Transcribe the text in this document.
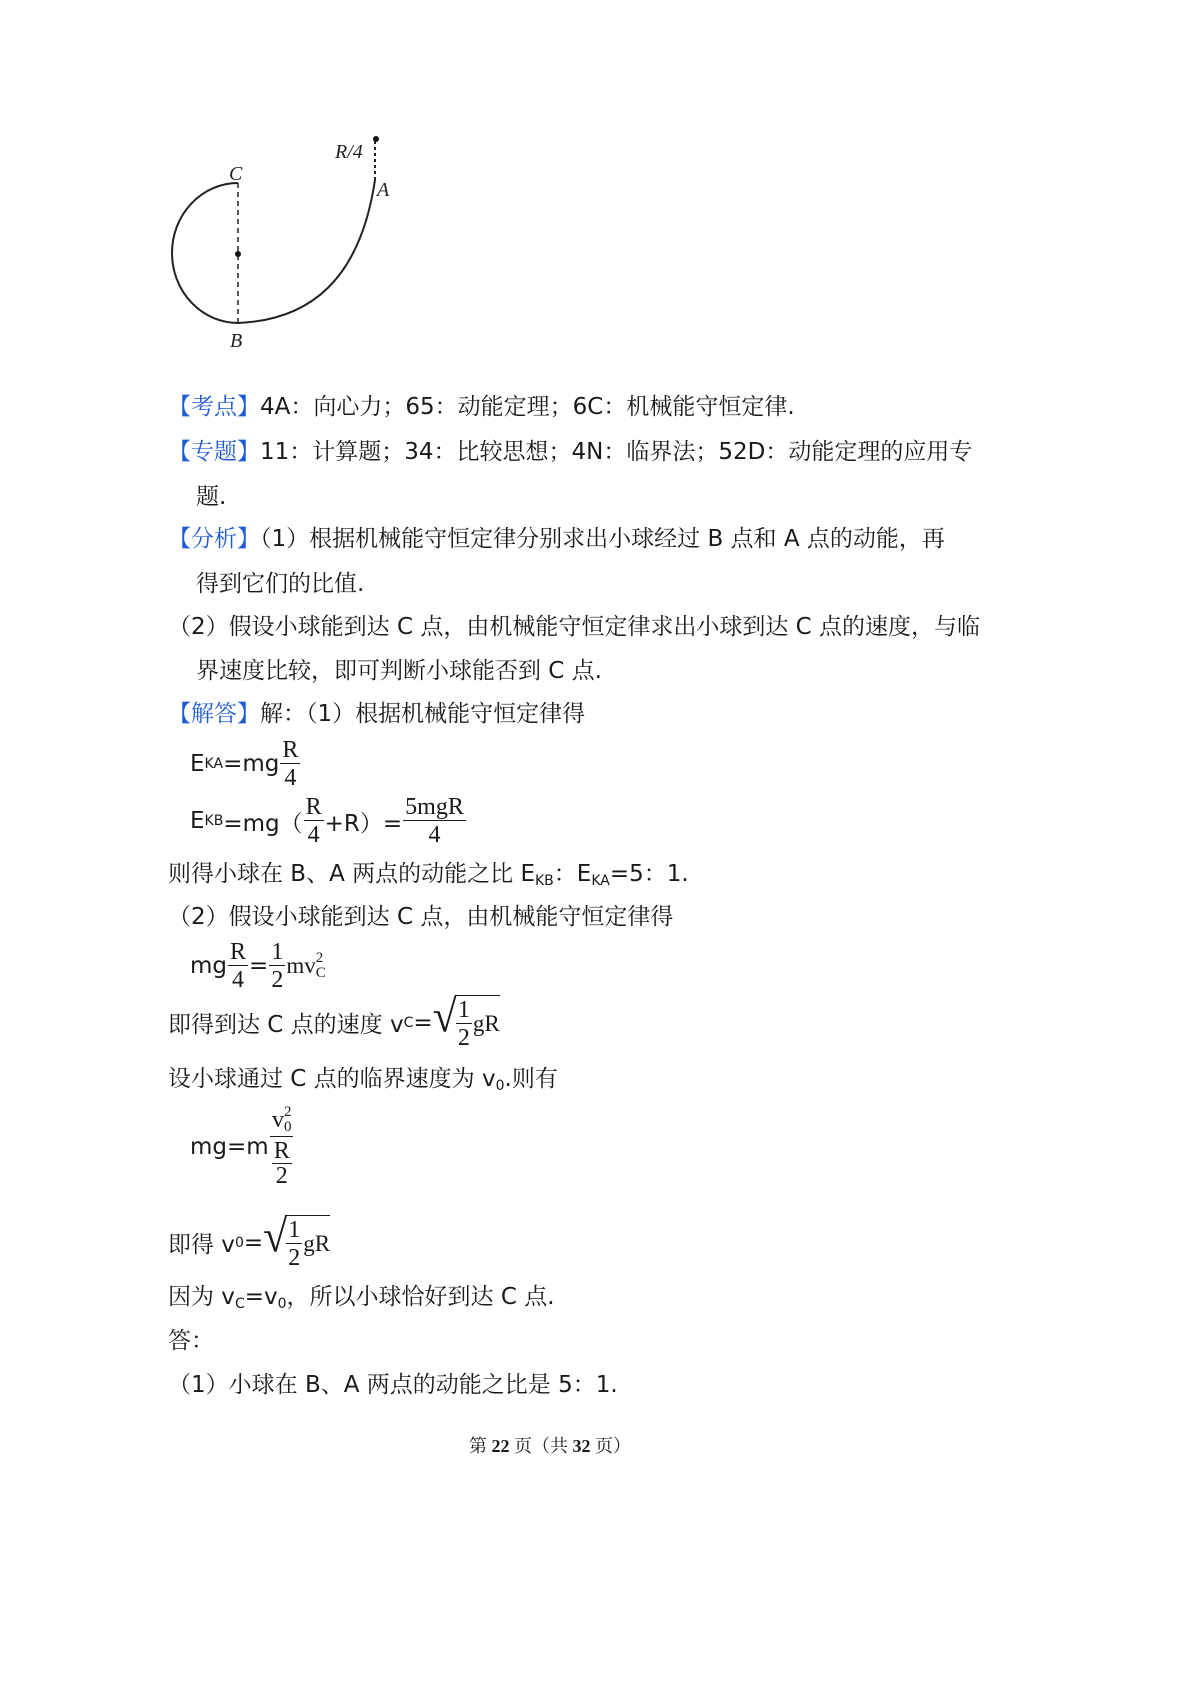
R/4
A
C
B
【考点】4A：向心力；65：动能定理；6C：机械能守恒定律.
【专题】11：计算题；34：比较思想；4N：临界法；52D：动能定理的应用专
题.
【分析】（1）根据机械能守恒定律分别求出小球经过 B 点和 A 点的动能，再
得到它们的比值.
（2）假设小球能到达 C 点，由机械能守恒定律求出小球到达 C 点的速度，与临
界速度比较，即可判断小球能否到 C 点.
【解答】解：（1）根据机械能守恒定律得
E KA $=mg \frac{R}{4}$
E KB $=mg( \frac{R}{4} +R)= \frac{\text{5mgR}}{4}$
则得小球在 B、A 两点的动能之比 $E_{KB}$：$E_{KA}=5$：1.
（2）假设小球能到达 C 点，由机械能守恒定律得
mg $\frac{R}{4} = \frac{1}{2}$ mv 2
C
即得到达 C 点的速度 v C = √ $\frac{1}{2}$ gR
设小球通过 C 点的临界速度为 $v_0$.则有
mg=m v 2
0
R
2
即得 v 0 = √ $\frac{1}{2}$ gR
因为 $v_C=v_0$，所以小球恰好到达 C 点.
答：
（1）小球在 B、A 两点的动能之比是 5：1.
第 22 页（共 32 页）
